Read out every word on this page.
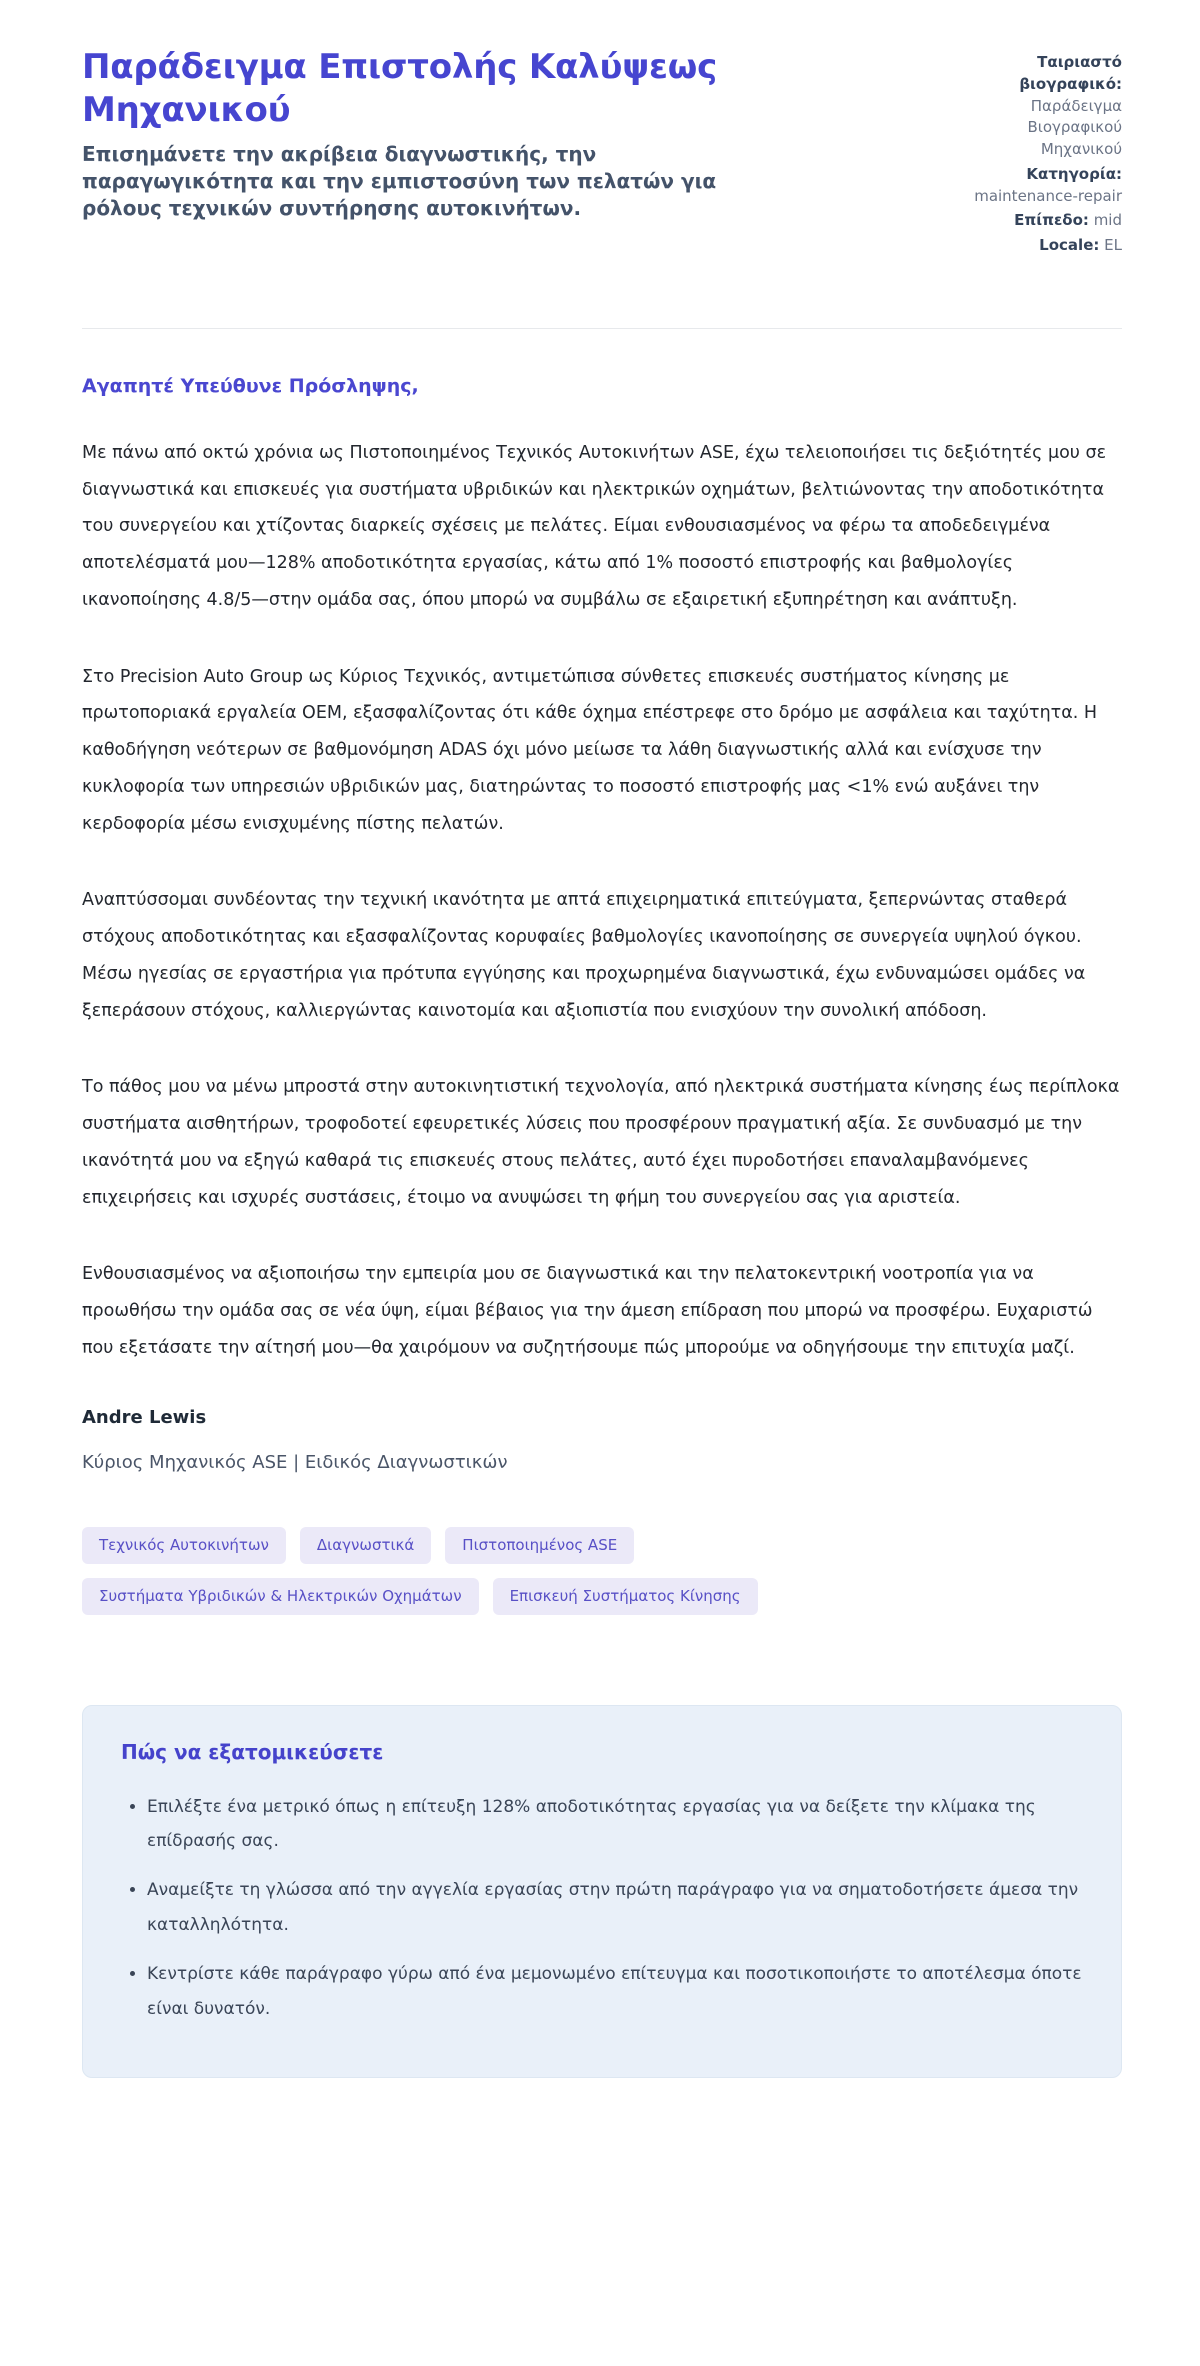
Παράδειγμα Επιστολής Καλύψεως Μηχανικού
Επισημάνετε την ακρίβεια διαγνωστικής, την παραγωγικότητα και την εμπιστοσύνη των πελατών για ρόλους τεχνικών συντήρησης αυτοκινήτων.
Ταιριαστό βιογραφικό: Παράδειγμα Βιογραφικού Μηχανικού
Κατηγορία: maintenance-repair
Επίπεδο: mid
Locale: EL
Αγαπητέ Υπεύθυνε Πρόσληψης,

Με πάνω από οκτώ χρόνια ως Πιστοποιημένος Τεχνικός Αυτοκινήτων ASE, έχω τελειοποιήσει τις δεξιότητές μου σε διαγνωστικά και επισκευές για συστήματα υβριδικών και ηλεκτρικών οχημάτων, βελτιώνοντας την αποδοτικότητα του συνεργείου και χτίζοντας διαρκείς σχέσεις με πελάτες. Είμαι ενθουσιασμένος να φέρω τα αποδεδειγμένα αποτελέσματά μου—128% αποδοτικότητα εργασίας, κάτω από 1% ποσοστό επιστροφής και βαθμολογίες ικανοποίησης 4.8/5—στην ομάδα σας, όπου μπορώ να συμβάλω σε εξαιρετική εξυπηρέτηση και ανάπτυξη.

Στο Precision Auto Group ως Κύριος Τεχνικός, αντιμετώπισα σύνθετες επισκευές συστήματος κίνησης με πρωτοποριακά εργαλεία OEM, εξασφαλίζοντας ότι κάθε όχημα επέστρεφε στο δρόμο με ασφάλεια και ταχύτητα. Η καθοδήγηση νεότερων σε βαθμονόμηση ADAS όχι μόνο μείωσε τα λάθη διαγνωστικής αλλά και ενίσχυσε την κυκλοφορία των υπηρεσιών υβριδικών μας, διατηρώντας το ποσοστό επιστροφής μας <1% ενώ αυξάνει την κερδοφορία μέσω ενισχυμένης πίστης πελατών.

Αναπτύσσομαι συνδέοντας την τεχνική ικανότητα με απτά επιχειρηματικά επιτεύγματα, ξεπερνώντας σταθερά στόχους αποδοτικότητας και εξασφαλίζοντας κορυφαίες βαθμολογίες ικανοποίησης σε συνεργεία υψηλού όγκου. Μέσω ηγεσίας σε εργαστήρια για πρότυπα εγγύησης και προχωρημένα διαγνωστικά, έχω ενδυναμώσει ομάδες να ξεπεράσουν στόχους, καλλιεργώντας καινοτομία και αξιοπιστία που ενισχύουν την συνολική απόδοση.

Το πάθος μου να μένω μπροστά στην αυτοκινητιστική τεχνολογία, από ηλεκτρικά συστήματα κίνησης έως περίπλοκα συστήματα αισθητήρων, τροφοδοτεί εφευρετικές λύσεις που προσφέρουν πραγματική αξία. Σε συνδυασμό με την ικανότητά μου να εξηγώ καθαρά τις επισκευές στους πελάτες, αυτό έχει πυροδοτήσει επαναλαμβανόμενες επιχειρήσεις και ισχυρές συστάσεις, έτοιμο να ανυψώσει τη φήμη του συνεργείου σας για αριστεία.

Ενθουσιασμένος να αξιοποιήσω την εμπειρία μου σε διαγνωστικά και την πελατοκεντρική νοοτροπία για να προωθήσω την ομάδα σας σε νέα ύψη, είμαι βέβαιος για την άμεση επίδραση που μπορώ να προσφέρω. Ευχαριστώ που εξετάσατε την αίτησή μου—θα χαιρόμουν να συζητήσουμε πώς μπορούμε να οδηγήσουμε την επιτυχία μαζί.

Andre Lewis
Κύριος Μηχανικός ASE | Ειδικός Διαγνωστικών
Τεχνικός Αυτοκινήτων	Διαγνωστικά	Πιστοποιημένος ASE
Συστήματα Υβριδικών & Ηλεκτρικών Οχημάτων	Επισκευή Συστήματος Κίνησης
Πώς να εξατομικεύσετε
• Επιλέξτε ένα μετρικό όπως η επίτευξη 128% αποδοτικότητας εργασίας για να δείξετε την κλίμακα της επίδρασής σας.
• Αναμείξτε τη γλώσσα από την αγγελία εργασίας στην πρώτη παράγραφο για να σηματοδοτήσετε άμεσα την καταλληλότητα.
• Κεντρίστε κάθε παράγραφο γύρω από ένα μεμονωμένο επίτευγμα και ποσοτικοποιήστε το αποτέλεσμα όποτε είναι δυνατόν.
